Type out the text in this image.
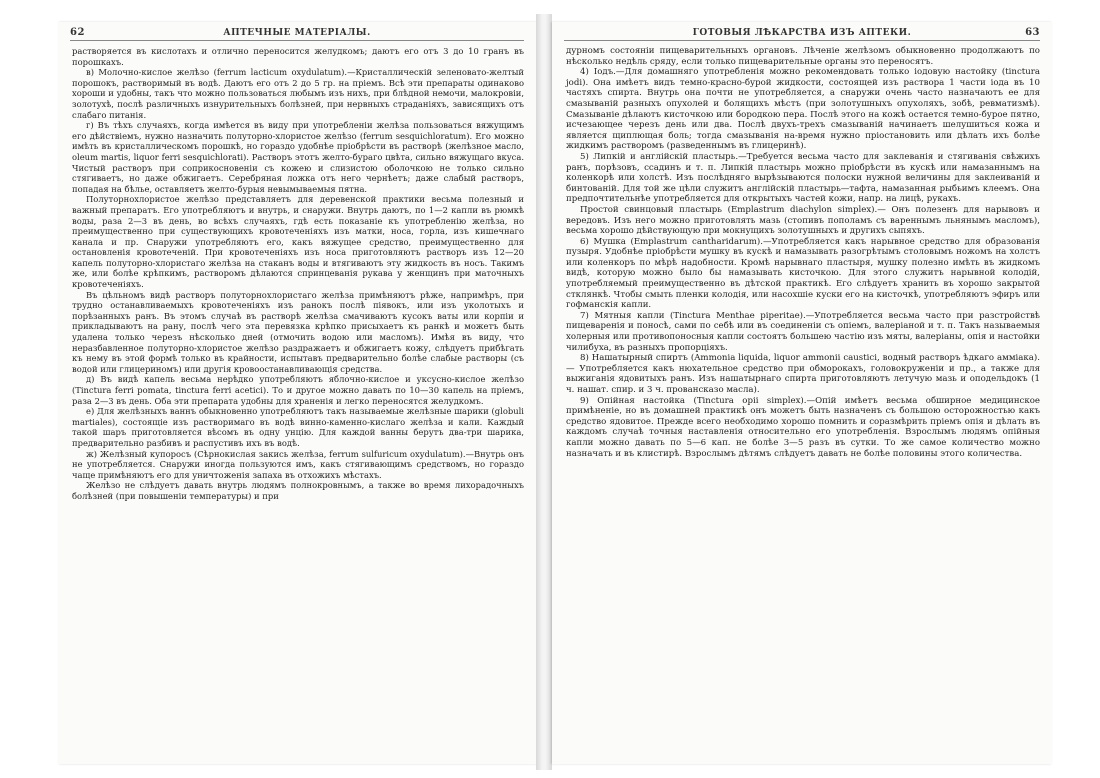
62	АПТЕЧНЫЕ МАТЕРІАЛЫ.

растворяется въ кислотахъ и отлично переносится желудкомъ; даютъ его отъ 3 до 10 гранъ въ порошкахъ.

в) Молочно-кислое желѣзо (ferrum lacticum oxydulatum).—Кристаллическій зеленовато-желтый порошокъ, растворимый въ водѣ. Даютъ его отъ 2 до 5 гр. на пріемъ. Всѣ эти препараты одинаково хороши и удобны, такъ что можно пользоваться любымъ изъ нихъ, при блѣдной немочи, малокровіи, золотухѣ, послѣ различныхъ изнурительныхъ болѣзней, при нервныхъ страданіяхъ, зависящихъ отъ слабаго питанія.

г) Въ тѣхъ случаяхъ, когда имѣется въ виду при употребленіи желѣза пользоваться вяжущимъ его дѣйствіемъ, нужно назначить полуторно-хлористое желѣзо (ferrum sesquichloratum). Его можно имѣть въ кристаллическомъ порошкѣ, но гораздо удобнѣе пріобрѣсти въ растворѣ (желѣзное масло, oleum martis, liquor ferri sesquichlorati). Растворъ этотъ желто-бураго цвѣта, сильно вяжущаго вкуса. Чистый растворъ при соприкосновеніи съ кожею и слизистою оболочкою не только сильно стягиваетъ, но даже обжигаетъ. Серебряная ложка отъ него чернѣетъ; даже слабый растворъ, попадая на бѣлье, оставляетъ желто-бурыя невымываемыя пятна.

Полуторнохлористое желѣзо представляетъ для деревенской практики весьма полезный и важный препаратъ. Его употребляютъ и внутрь, и снаружи. Внутрь даютъ, по 1—2 капли въ рюмкѣ воды, раза 2—3 въ день, во всѣхъ случаяхъ, гдѣ есть показаніе къ употребленію желѣза, но преимущественно при существующихъ кровотеченіяхъ изъ матки, носа, горла, изъ кишечнаго канала и пр. Снаружи употребляютъ его, какъ вяжущее средство, преимущественно для остановленія кровотеченій. При кровотеченіяхъ изъ носа приготовляютъ растворъ изъ 12—20 капель полуторно-хлористаго желѣза на стаканъ воды и втягиваютъ эту жидкость въ носъ. Такимъ же, или болѣе крѣпкимъ, растворомъ дѣлаются спринцеванія рукава у женщинъ при маточныхъ кровотеченіяхъ.

Въ цѣльномъ видѣ растворъ полуторнохлористаго желѣза примѣняютъ рѣже, напримѣръ, при трудно останавливаемыхъ кровотеченіяхъ изъ ранокъ послѣ піявокъ, или изъ уколотыхъ и порѣзанныхъ ранъ. Въ этомъ случаѣ въ растворѣ желѣза смачиваютъ кусокъ ваты или корпіи и прикладываютъ на рану, послѣ чего эта перевязка крѣпко присыхаетъ къ ранкѣ и можетъ быть удалена только черезъ нѣсколько дней (отмочить водою или масломъ). Имѣя въ виду, что неразбавленное полуторно-хлористое желѣзо раздражаетъ и обжигаетъ кожу, слѣдуетъ прибѣгать къ нему въ этой формѣ только въ крайности, испытавъ предварительно болѣе слабые растворы (съ водой или глицериномъ) или другія кровоостанавливающія средства.

д) Въ видѣ капель весьма нерѣдко употребляютъ яблочно-кислое и уксусно-кислое желѣзо (Tinctura ferri pomata, tinctura ferri acetici). То и другое можно давать по 10—30 капель на пріемъ, раза 2—3 въ день. Оба эти препарата удобны для храненія и легко переносятся желудкомъ.

е) Для желѣзныхъ ваннъ обыкновенно употребляютъ такъ называемые желѣзные шарики (globuli martiales), состоящіе изъ растворимаго въ водѣ винно-каменно-кислаго желѣза и кали. Каждый такой шаръ приготовляется вѣсомъ въ одну унцію. Для каждой ванны берутъ два-три шарика, предварительно разбивъ и распустивъ ихъ въ водѣ.

ж) Желѣзный купоросъ (Сѣрнокислая закись желѣза, ferrum sulfuricum oxydulatum).—Внутрь онъ не употребляется. Снаружи иногда пользуются имъ, какъ стягивающимъ средствомъ, но гораздо чаще примѣняютъ его для уничтоженія запаха въ отхожихъ мѣстахъ.

Желѣзо не слѣдуетъ давать внутрь людямъ полнокровнымъ, а также во время лихорадочныхъ болѣзней (при повышеніи температуры) и при

ГОТОВЫЯ ЛѢКАРСТВА ИЗЪ АПТЕКИ.	63

дурномъ состояніи пищеварительныхъ органовъ. Лѣченіе желѣзомъ обыкновенно продолжаютъ по нѣсколько недѣль сряду, если только пищеварительные органы это переносятъ.

4) Іодъ.—Для домашняго употребленія можно рекомендовать только іодовую настойку (tinctura jodi). Она имѣетъ видъ темно-красно-бурой жидкости, состоящей изъ раствора 1 части іода въ 10 частяхъ спирта. Внутрь она почти не употребляется, а снаружи очень часто назначаютъ ее для смазываній разныхъ опухолей и болящихъ мѣстъ (при золотушныхъ опухоляхъ, зобѣ, ревматизмѣ). Смазываніе дѣлаютъ кисточкою или бородкою пера. Послѣ этого на кожѣ остается темно-бурое пятно, исчезающее черезъ день или два. Послѣ двухъ-трехъ смазываній начинаетъ шелушиться кожа и является щиплющая боль; тогда смазыванія на-время нужно пріостановить или дѣлать ихъ болѣе жидкимъ растворомъ (разведеннымъ въ глицеринѣ).

5) Липкій и англійскій пластырь.—Требуется весьма часто для заклеванія и стягиванія свѣжихъ ранъ, порѣзовъ, ссадинъ и т. п. Липкій пластырь можно пріобрѣсти въ кускѣ или намазаннымъ на коленкорѣ или холстѣ. Изъ послѣдняго вырѣзываются полоски нужной величины для заклеиваній и бинтованій. Для той же цѣли служитъ англійскій пластырь—тафта, намазанная рыбьимъ клеемъ. Она предпочтительнѣе употребляется для открытыхъ частей кожи, напр. на лицѣ, рукахъ.

Простой свинцовый пластырь (Emplastrum diachylon simplex).— Онъ полезенъ для нарывовъ и вередовъ. Изъ него можно приготовлять мазь (стопивъ пополамъ съ вареннымъ льнянымъ масломъ), весьма хорошо дѣйствующую при мокнущихъ золотушныхъ и другихъ сыпяхъ.

6) Мушка (Emplastrum cantharidarum).—Употребляется какъ нарывное средство для образованія пузыря. Удобнѣе пріобрѣсти мушку въ кускѣ и намазывать разогрѣтымъ столовымъ ножомъ на холстъ или коленкоръ по мѣрѣ надобности. Кромѣ нарывнаго пластыря, мушку полезно имѣть въ жидкомъ видѣ, которую можно было бы намазывать кисточкою. Для этого служитъ нарывной колодій, употребляемый преимущественно въ дѣтской практикѣ. Его слѣдуетъ хранить въ хорошо закрытой стклянкѣ. Чтобы смыть пленки колодія, или насохшіе куски его на кисточкѣ, употребляютъ эфиръ или гофманскія капли.

7) Мятныя капли (Tinctura Menthae piperitae).—Употребляется весьма часто при разстройствѣ пищеваренія и поносѣ, сами по себѣ или въ соединеніи съ опіемъ, валеріаной и т. п. Такъ называемыя холерныя или противопоносныя капли состоятъ большею частію изъ мяты, валеріаны, опія и настойки чилибуха, въ разныхъ пропорціяхъ.

8) Нашатырный спиртъ (Ammonia liquida, liquor ammonii caustici, водный растворъ ѣдкаго аммiака).— Употребляется какъ нюхательное средство при обморокахъ, головокруженіи и пр., а также для выжиганія ядовитыхъ ранъ. Изъ нашатырнаго спирта приготовляютъ летучую мазь и оподельдокъ (1 ч. нашат. спир. и 3 ч. провансказо масла).

9) Опійная настойка (Tinctura opii simplex).—Опій имѣетъ весьма обширное медицинское примѣненіе, но въ домашней практикѣ онъ можетъ быть назначенъ съ большою осторожностью какъ средство ядовитое. Прежде всего необходимо хорошо помнить и соразмѣрить пріемъ опія и дѣлать въ каждомъ случаѣ точныя наставленія относительно его употребленія. Взрослымъ людямъ опійныя капли можно давать по 5—6 кап. не болѣе 3—5 разъ въ сутки. То же самое количество можно назначать и въ клистирѣ. Взрослымъ дѣтямъ слѣдуетъ давать не болѣе половины этого количества.
